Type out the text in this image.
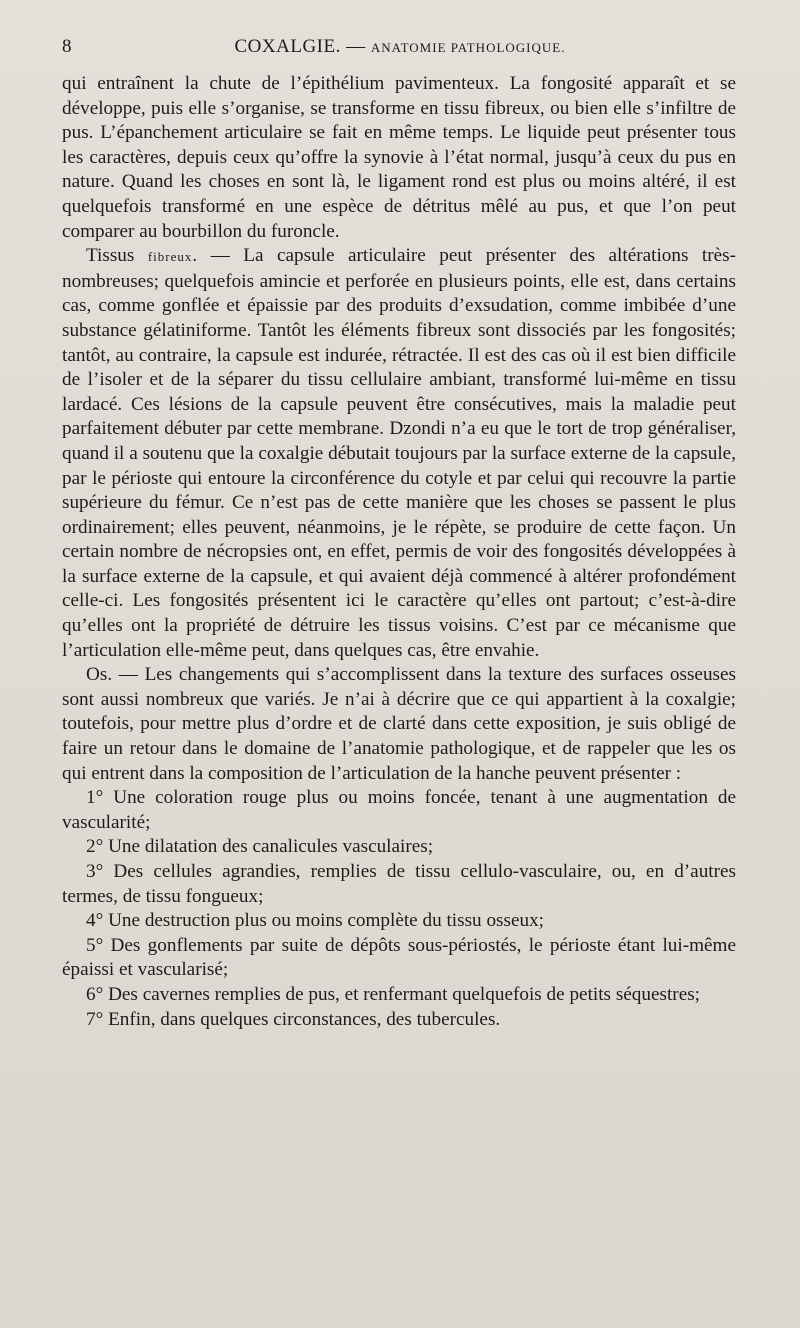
8	COXALGIE. — ANATOMIE PATHOLOGIQUE.

qui entraînent la chute de l’épithélium pavimenteux. La fongosité apparaît et se développe, puis elle s’organise, se transforme en tissu fibreux, ou bien elle s’infiltre de pus. L’épanchement articulaire se fait en même temps. Le liquide peut présenter tous les caractères, depuis ceux qu’offre la synovie à l’état normal, jusqu’à ceux du pus en nature. Quand les choses en sont là, le ligament rond est plus ou moins altéré, il est quelquefois transformé en une espèce de détritus mêlé au pus, et que l’on peut comparer au bourbillon du furoncle.

Tissus fibreux. — La capsule articulaire peut présenter des altérations très-nombreuses; quelquefois amincie et perforée en plusieurs points, elle est, dans certains cas, comme gonflée et épaissie par des produits d’exsudation, comme imbibée d’une substance gélatiniforme. Tantôt les éléments fibreux sont dissociés par les fongosités; tantôt, au contraire, la capsule est indurée, rétractée. Il est des cas où il est bien difficile de l’isoler et de la séparer du tissu cellulaire ambiant, transformé lui-même en tissu lardacé. Ces lésions de la capsule peuvent être consécutives, mais la maladie peut parfaitement débuter par cette membrane. Dzondi n’a eu que le tort de trop généraliser, quand il a soutenu que la coxalgie débutait toujours par la surface externe de la capsule, par le périoste qui entoure la circonférence du cotyle et par celui qui recouvre la partie supérieure du fémur. Ce n’est pas de cette manière que les choses se passent le plus ordinairement; elles peuvent, néanmoins, je le répète, se produire de cette façon. Un certain nombre de nécropsies ont, en effet, permis de voir des fongosités développées à la surface externe de la capsule, et qui avaient déjà commencé à altérer profondément celle-ci. Les fongosités présentent ici le caractère qu’elles ont partout; c’est-à-dire qu’elles ont la propriété de détruire les tissus voisins. C’est par ce mécanisme que l’articulation elle-même peut, dans quelques cas, être envahie.

Os. — Les changements qui s’accomplissent dans la texture des surfaces osseuses sont aussi nombreux que variés. Je n’ai à décrire que ce qui appartient à la coxalgie; toutefois, pour mettre plus d’ordre et de clarté dans cette exposition, je suis obligé de faire un retour dans le domaine de l’anatomie pathologique, et de rappeler que les os qui entrent dans la composition de l’articulation de la hanche peuvent présenter :

1° Une coloration rouge plus ou moins foncée, tenant à une augmentation de vascularité;

2° Une dilatation des canalicules vasculaires;

3° Des cellules agrandies, remplies de tissu cellulo-vasculaire, ou, en d’autres termes, de tissu fongueux;

4° Une destruction plus ou moins complète du tissu osseux;

5° Des gonflements par suite de dépôts sous-périostés, le périoste étant lui-même épaissi et vascularisé;

6° Des cavernes remplies de pus, et renfermant quelquefois de petits séquestres;

7° Enfin, dans quelques circonstances, des tubercules.
